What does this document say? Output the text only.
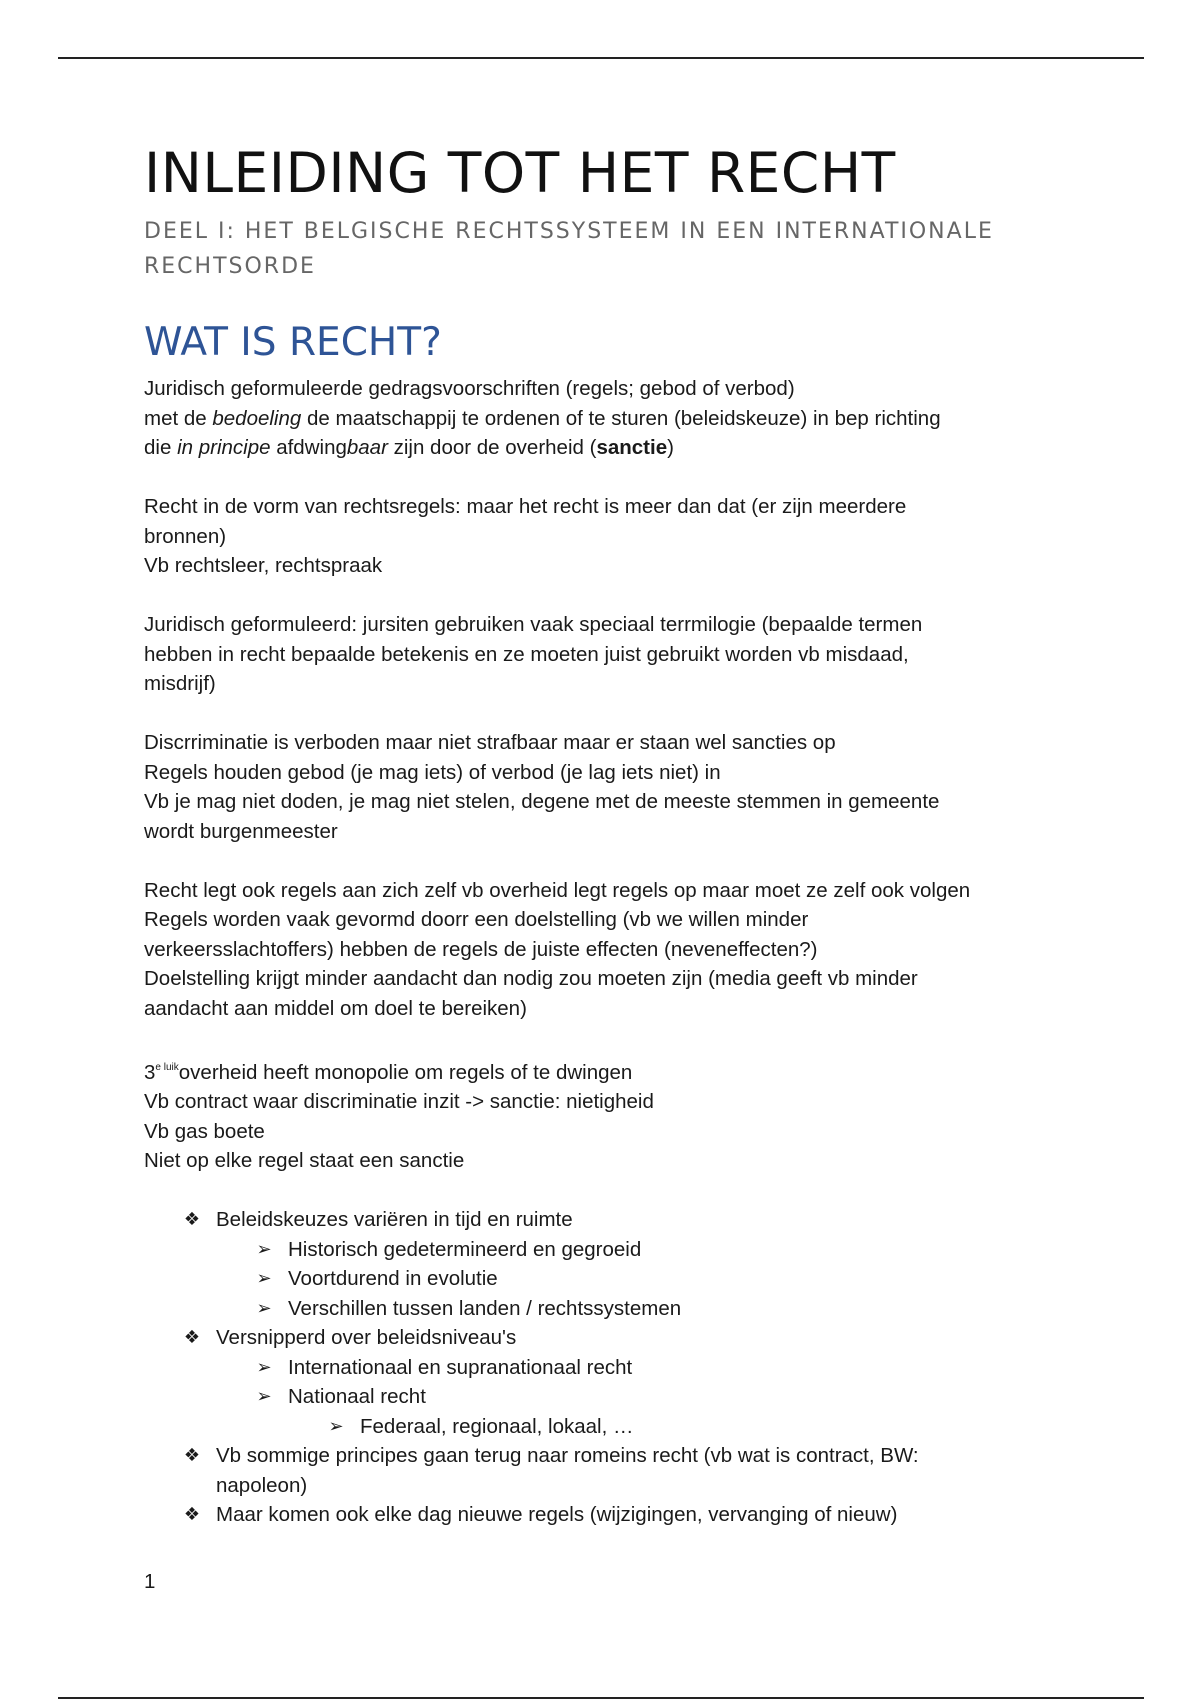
INLEIDING TOT HET RECHT
DEEL I: HET BELGISCHE RECHTSSYSTEEM IN EEN INTERNATIONALE
RECHTSORDE
WAT IS RECHT?

Juridisch geformuleerde gedragsvoorschriften (regels; gebod of verbod)
met de bedoeling de maatschappij te ordenen of te sturen (beleidskeuze) in bep richting
die in principe afdwingbaar zijn door de overheid (sanctie)

Recht in de vorm van rechtsregels: maar het recht is meer dan dat (er zijn meerdere
bronnen)
Vb rechtsleer, rechtspraak

Juridisch geformuleerd: jursiten gebruiken vaak speciaal terrmilogie (bepaalde termen
hebben in recht bepaalde betekenis en ze moeten juist gebruikt worden vb misdaad,
misdrijf)

Discrriminatie is verboden maar niet strafbaar maar er staan wel sancties op
Regels houden gebod (je mag iets) of verbod (je lag iets niet) in
Vb je mag niet doden, je mag niet stelen, degene met de meeste stemmen in gemeente
wordt burgenmeester

Recht legt ook regels aan zich zelf vb overheid legt regels op maar moet ze zelf ook volgen
Regels worden vaak gevormd doorr een doelstelling (vb we willen minder
verkeersslachtoffers) hebben de regels de juiste effecten (neveneffecten?)
Doelstelling krijgt minder aandacht dan nodig zou moeten zijn (media geeft vb minder
aandacht aan middel om doel te bereiken)

$3^{e luik}overheid$ heeft monopolie om regels of te dwingen
Vb contract waar discriminatie inzit -> sanctie: nietigheid
Vb gas boete
Niet op elke regel staat een sanctie

❖ Beleidskeuzes variëren in tijd en ruimte
➢ Historisch gedetermineerd en gegroeid
➢ Voortdurend in evolutie
➢ Verschillen tussen landen / rechtssystemen
❖ Versnipperd over beleidsniveau's
➢ Internationaal en supranationaal recht
➢ Nationaal recht
➢ Federaal, regionaal, lokaal, …
❖ Vb sommige principes gaan terug naar romeins recht (vb wat is contract, BW:
napoleon)
❖ Maar komen ook elke dag nieuwe regels (wijzigingen, vervanging of nieuw)
1
